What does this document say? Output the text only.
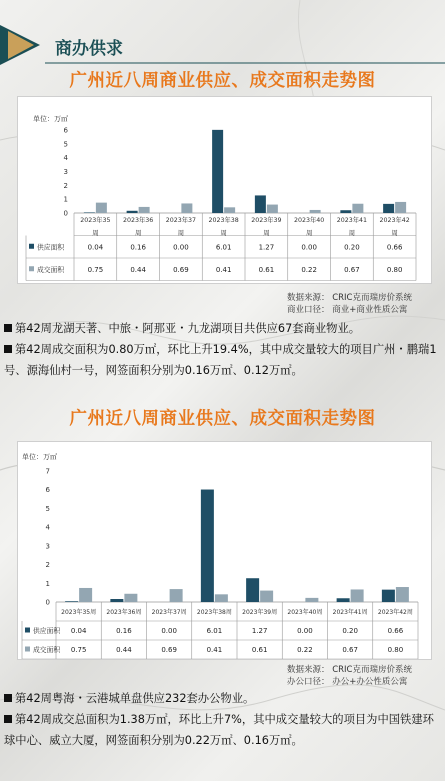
商办供求
广州近八周商业供应、成交面积走势图
单位：万㎡
0
1
2
3
4
5
6
2023年35
周
2023年36
周
2023年37
周
2023年38
周
2023年39
周
2023年40
周
2023年41
周
2023年42
周
供应面积	0.04	0.16	0.00	6.01	1.27	0.00	0.20	0.66
成交面积	0.75	0.44	0.69	0.41	0.61	0.22	0.67	0.80
数据来源： CRIC克而瑞房价系统
商业口径： 商业+商业性质公寓
第42周龙湖天著、中旅・阿那亚・九龙湖项目共供应67套商业物业。
第42周成交面积为0.80万㎡，环比上升19.4%，其中成交量较大的项目广州・鹏瑞1号、源海仙村一号，网签面积分别为0.16万㎡、0.12万㎡。
广州近八周商业供应、成交面积走势图
单位：万㎡
0
1
2
3
4
5
6
7
2023年35周 2023年36周 2023年37周 2023年38周 2023年39周 2023年40周 2023年41周 2023年42周
供应面积 0.04	0.16	0.00	6.01	1.27	0.00	0.20	0.66
成交面积 0.75	0.44	0.69	0.41	0.61	0.22	0.67	0.80
数据来源： CRIC克而瑞房价系统
办公口径： 办公+办公性质公寓
第42周粤海・云港城单盘供应232套办公物业。
第42周成交总面积为1.38万㎡，环比上升7%，其中成交量较大的项目为中国铁建环球中心、威立大厦，网签面积分别为0.22万㎡、0.16万㎡。
